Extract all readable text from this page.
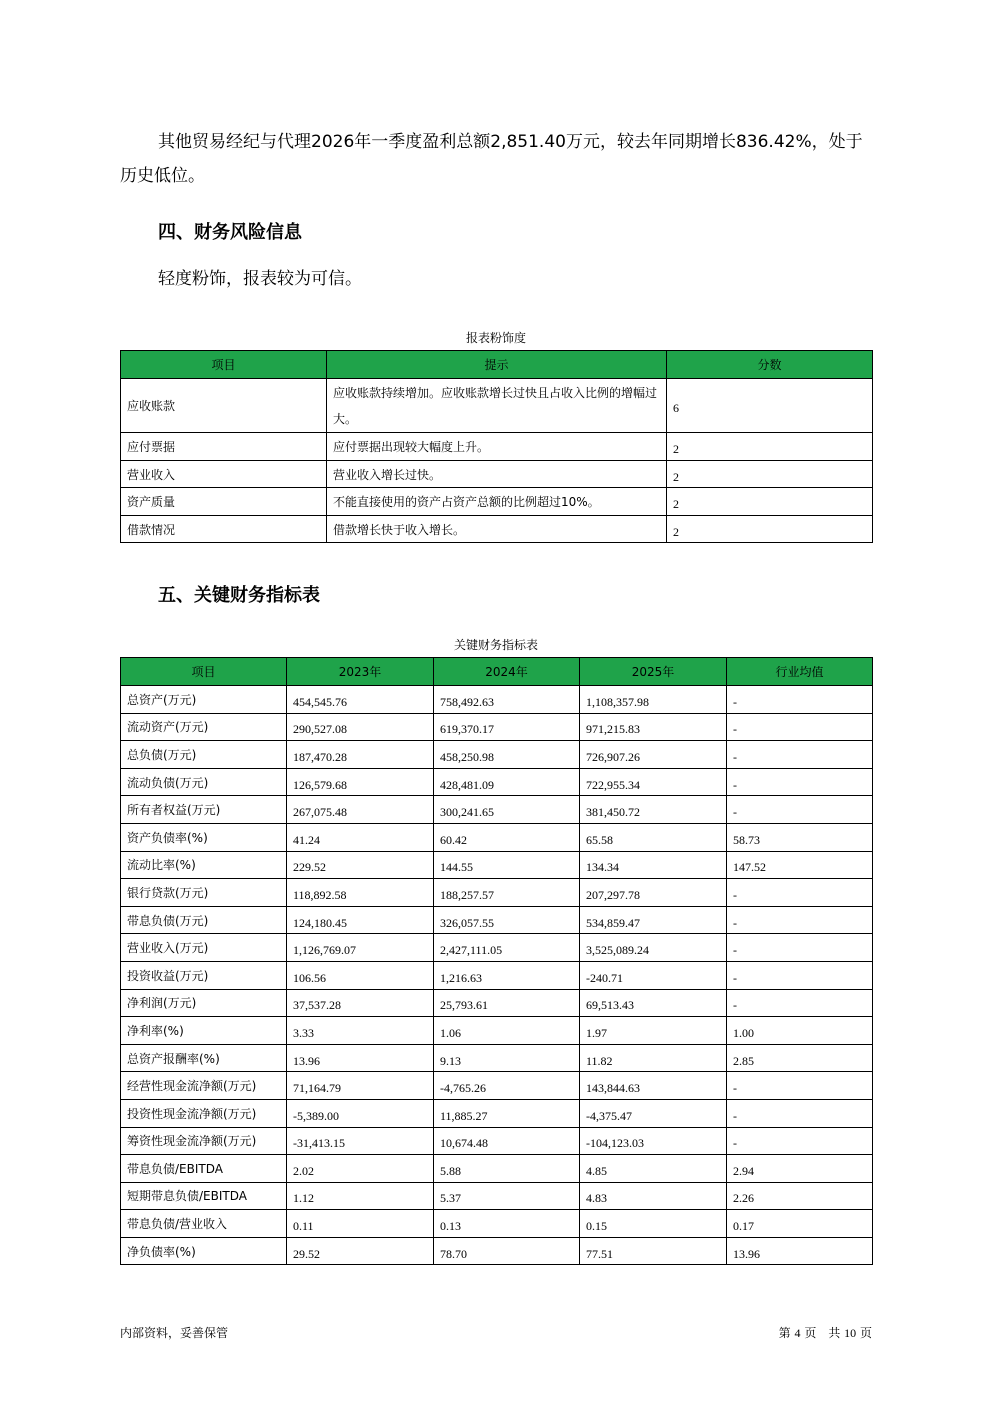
其他贸易经纪与代理2026年一季度盈利总额2,851.40万元，较去年同期增长836.42%，处于历史低位。
四、财务风险信息
轻度粉饰，报表较为可信。
报表粉饰度
项目	提示	分数
应收账款	应收账款持续增加。应收账款增长过快且占收入比例的增幅过大。	6
应付票据	应付票据出现较大幅度上升。	2
营业收入	营业收入增长过快。	2
资产质量	不能直接使用的资产占资产总额的比例超过10%。	2
借款情况	借款增长快于收入增长。	2
五、关键财务指标表
关键财务指标表
项目	2023年	2024年	2025年	行业均值
总资产(万元)	454,545.76	758,492.63	1,108,357.98	-
流动资产(万元)	290,527.08	619,370.17	971,215.83	-
总负债(万元)	187,470.28	458,250.98	726,907.26	-
流动负债(万元)	126,579.68	428,481.09	722,955.34	-
所有者权益(万元)	267,075.48	300,241.65	381,450.72	-
资产负债率(%)	41.24	60.42	65.58	58.73
流动比率(%)	229.52	144.55	134.34	147.52
银行贷款(万元)	118,892.58	188,257.57	207,297.78	-
带息负债(万元)	124,180.45	326,057.55	534,859.47	-
营业收入(万元)	1,126,769.07	2,427,111.05	3,525,089.24	-
投资收益(万元)	106.56	1,216.63	-240.71	-
净利润(万元)	37,537.28	25,793.61	69,513.43	-
净利率(%)	3.33	1.06	1.97	1.00
总资产报酬率(%)	13.96	9.13	11.82	2.85
经营性现金流净额(万元)	71,164.79	-4,765.26	143,844.63	-
投资性现金流净额(万元)	-5,389.00	11,885.27	-4,375.47	-
筹资性现金流净额(万元)	-31,413.15	10,674.48	-104,123.03	-
带息负债/EBITDA	2.02	5.88	4.85	2.94
短期带息负债/EBITDA	1.12	5.37	4.83	2.26
带息负债/营业收入	0.11	0.13	0.15	0.17
净负债率(%)	29.52	78.70	77.51	13.96
内部资料，妥善保管	第 4 页　共 10 页
